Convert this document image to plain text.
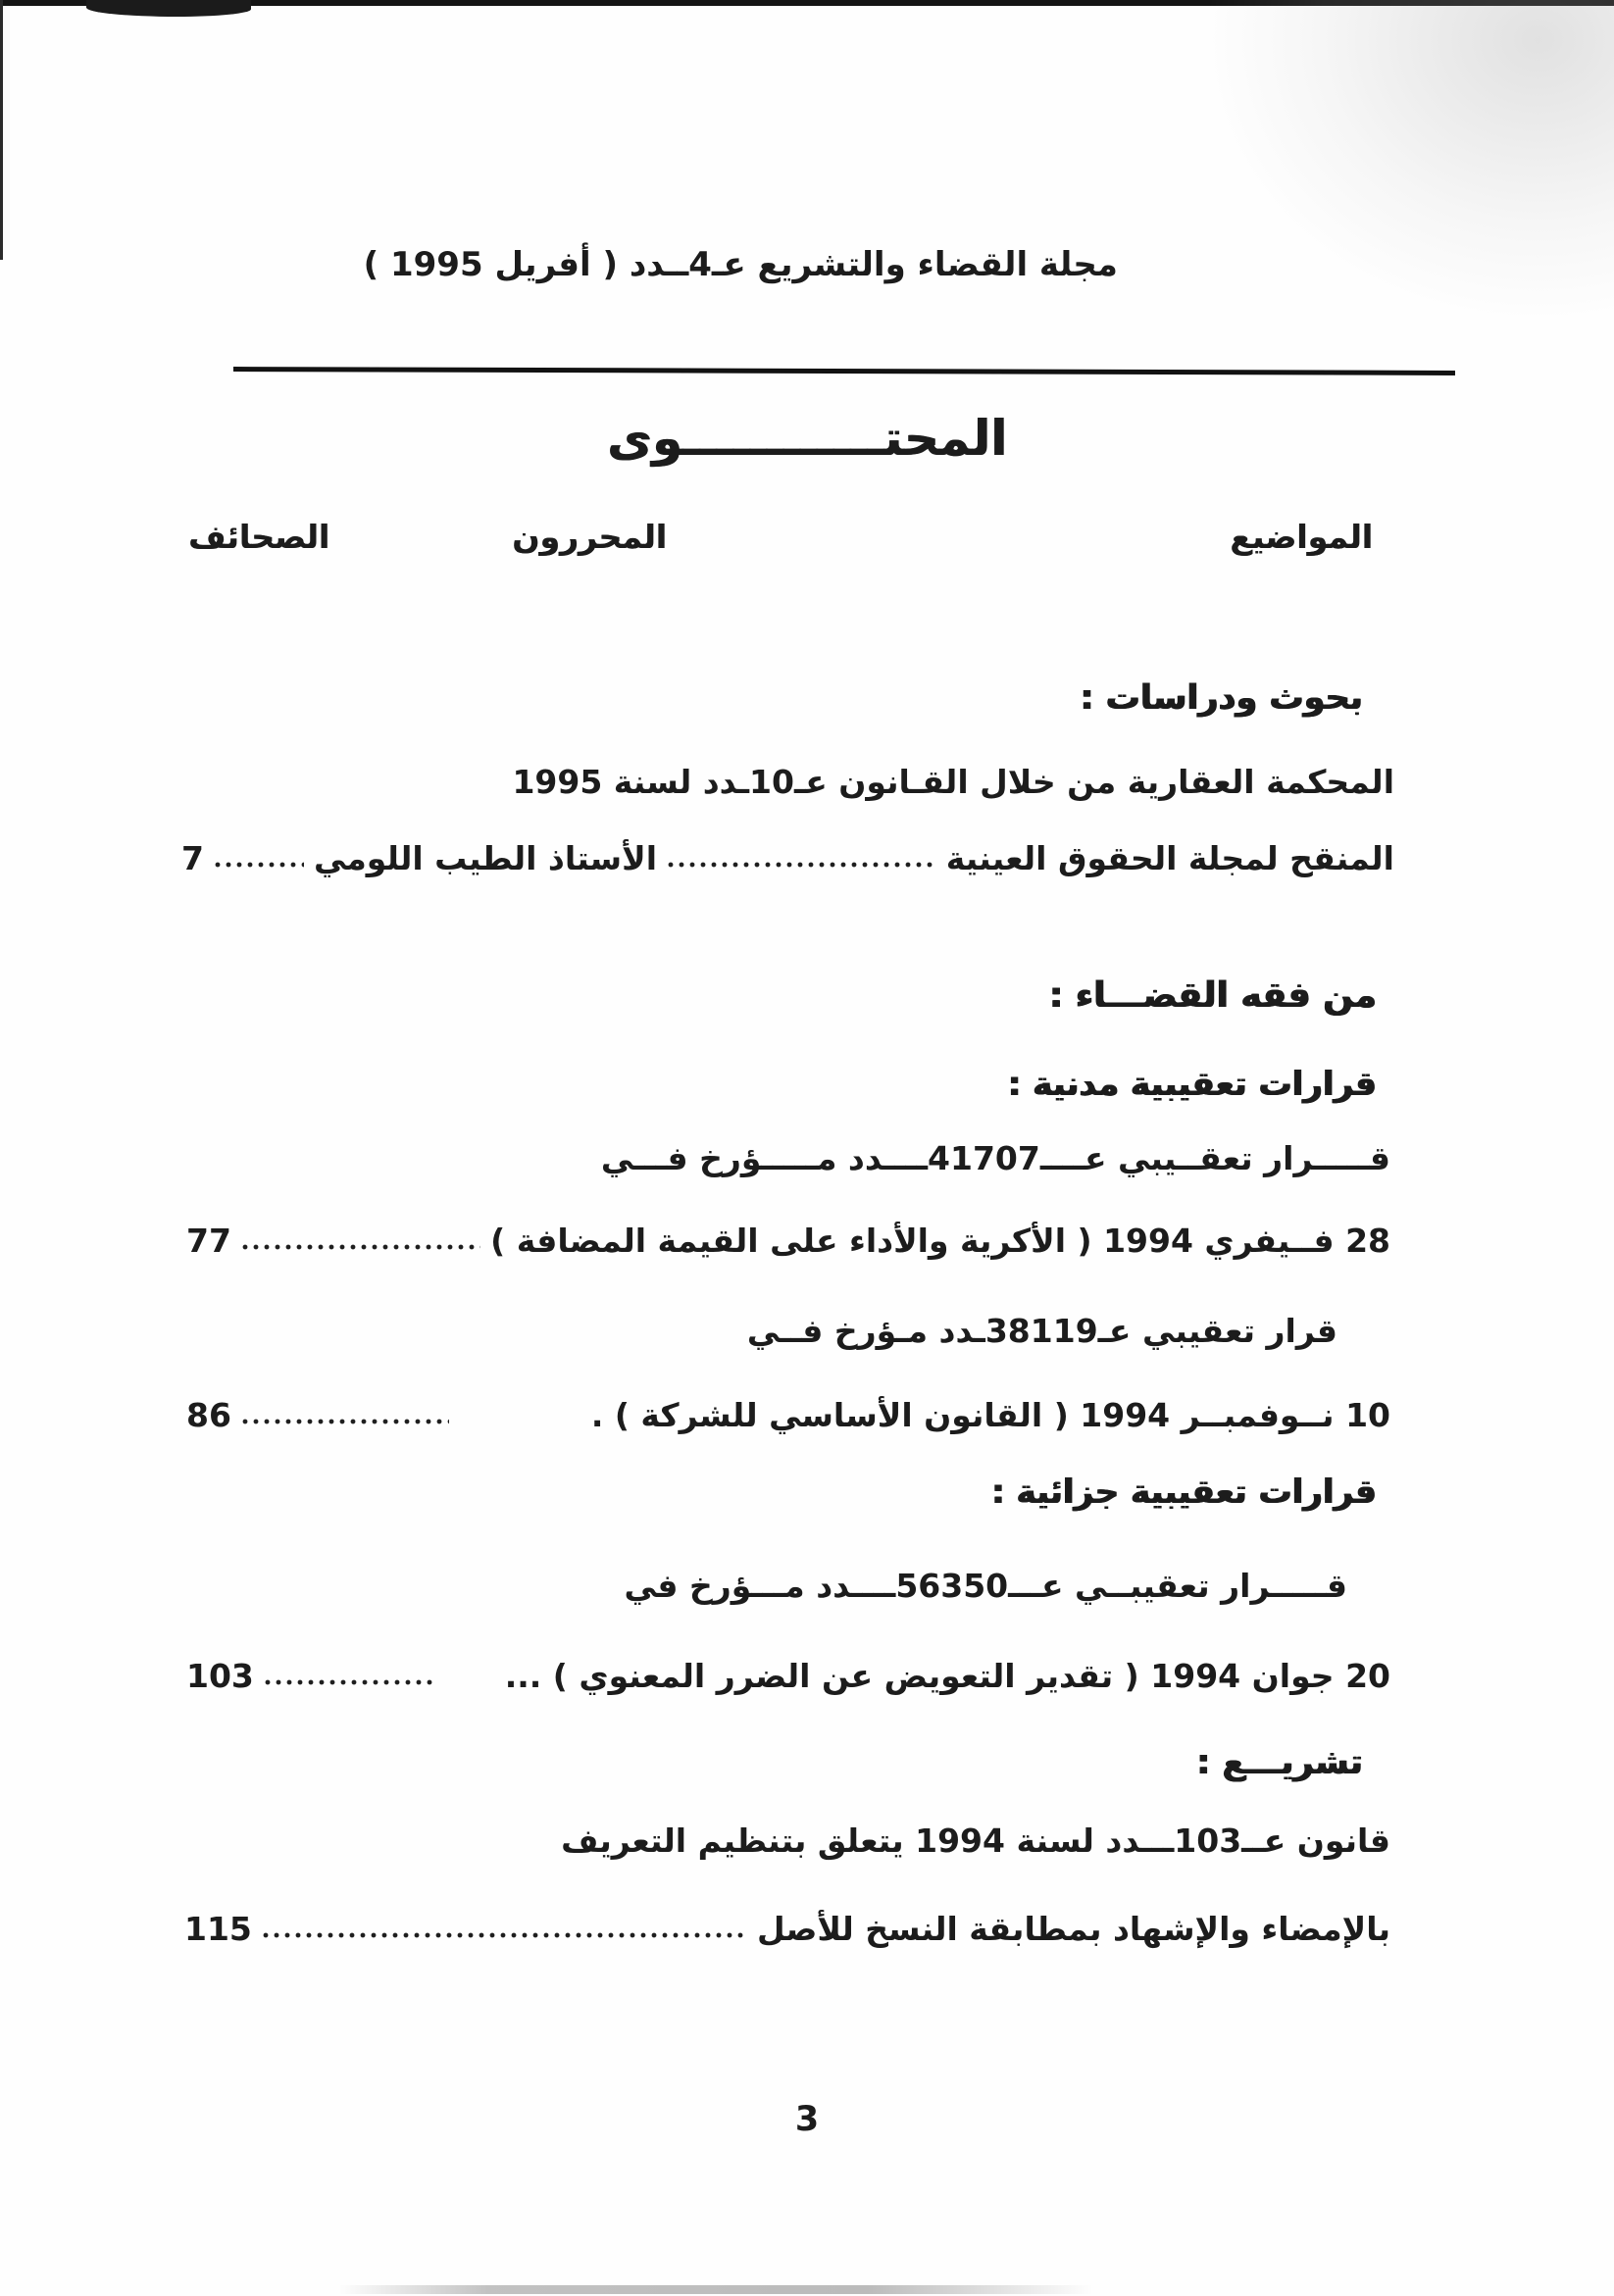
مجلة القضاء والتشريع عـ4ــدد ( أفريل 1995 )
المحتــــــــــــوى
المواضيع
المحررون
الصحائف
بحوث ودراسات :
المحكمة العقارية من خلال القـانون عـ10ـدد لسنة 1995
المنقح لمجلة الحقوق العينية
الأستاذ الطيب اللومي
7
من فقه القضـــاء :
قرارات تعقيبية مدنية :
قـــــرار تعقــيبي عــــ41707ــــدد مـــــؤرخ فـــي
28 فــيفري 1994 ( الأكرية والأداء على القيمة المضافة )
77
قرار تعقيبي عـ38119ـدد مـؤرخ فــي
10 نــوفمبــر 1994 ( القانون الأساسي للشركة ) .
86
قرارات تعقيبية جزائية :
قـــــرار تعقيبــي عـــ56350ــــدد مـــؤرخ في
20 جوان 1994 ( تقدير التعويض عن الضرر المعنوي ) ...
103
تشريـــع :
قانون عــ103ـــدد لسنة 1994 يتعلق بتنظيم التعريف
بالإمضاء والإشهاد بمطابقة النسخ للأصل
115
3
